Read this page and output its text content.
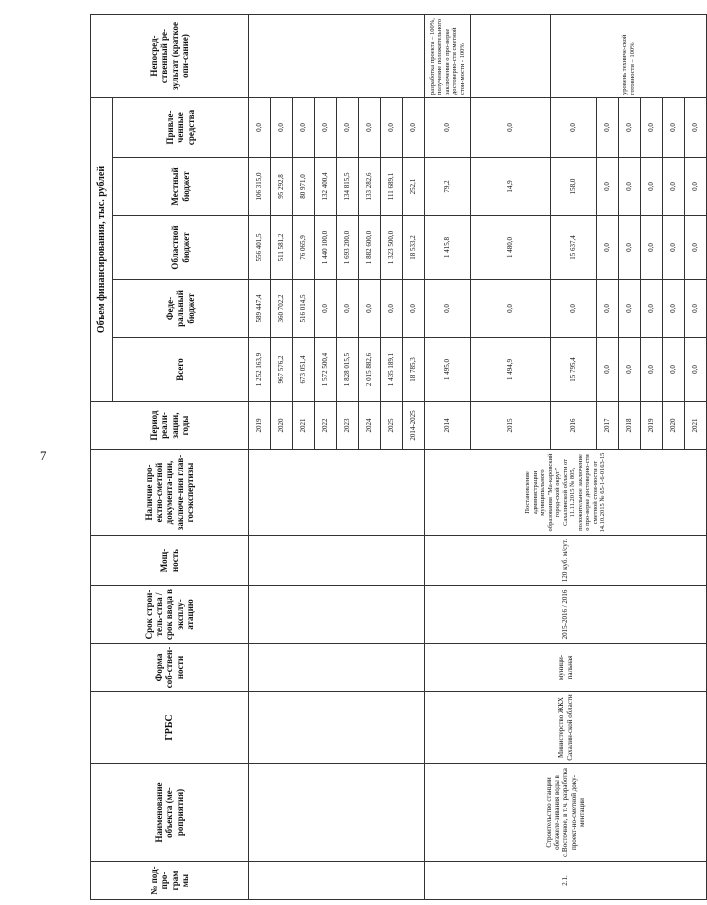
7
№ под-про-грам мы	Наименование объекта (ме-роприятия)	ГРБС	Форма соб-ствен-ности	Срок строи-тель-ства / срок ввода в эксплу-атацию	Мощ-ность	Наличие про-ектно-сметной документа-ции, заключе-ния глав-госэкспертизы	Период реали-зации, годы	Объем финансирования, тыс. рублей					Непосред-ственный ре-зультат (краткое опи-сание)
								Всего	Феде-ральный бюджет	Областной бюджет	Местный бюджет	Привле-ченные средства	
							2019	1 252 163,9	589 447,4	556 401,5	106 315,0	0,0	
							2020	967 576,2	360 702,2	511 581,2	95 292,8	0,0	
							2021	673 051,4	516 014,5	76 065,9	80 971,0	0,0	
							2022	1 572 500,4	0,0	1 440 100,0	132 400,4	0,0	
							2023	1 828 015,5	0,0	1 693 200,0	134 815,5	0,0	
							2024	2 015 882,6	0,0	1 882 600,0	133 282,6	0,0	
							2025	1 435 189,1	0,0	1 323 500,0	111 689,1	0,0	
							2014-2025	18 785,3	0,0	18 533,2	252,1	0,0	
2.1.	Строительство станции обезжеле-зивания воды в с.Восточное, в т.ч. разработка проект-но-сметной доку-ментации	Министерство ЖКХ Сахалин-ской области	муници-пальная	2015-2016 / 2016	120 куб. м/сут.	Постановление администрации муниципального образования "Ма-каровский город-ской округ" Сахалинской области от 11.11.2015 № 805, положительное заключение о про-верке достоверно-сти сметной стои-мости от 14.10.2015 № 65-1-6-0163-15	2014	1 495,0	0,0	1 415,8	79,2	0,0	разработка проекта – 100%, получение положительного заключения о про-верке достоверно-сти сметной стои-мости - 100%
							2015	1 494,9	0,0	1 480,0	14,9	0,0	
							2016	15 795,4	0,0	15 637,4	158,0	0,0	уровень техниче-ской готовности – 100%
							2017	0,0	0,0	0,0	0,0	0,0	
							2018	0,0	0,0	0,0	0,0	0,0	
							2019	0,0	0,0	0,0	0,0	0,0	
							2020	0,0	0,0	0,0	0,0	0,0	
							2021	0,0	0,0	0,0	0,0	0,0	
